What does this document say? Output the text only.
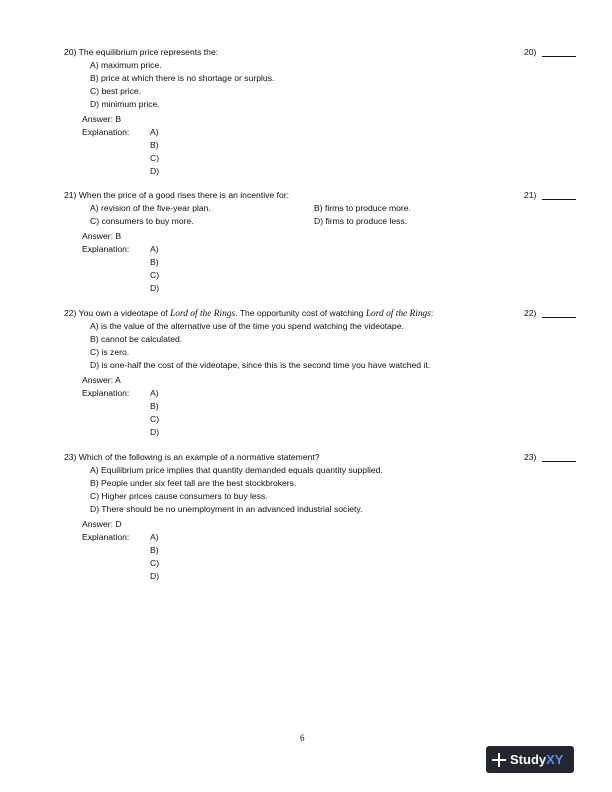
20) The equilibrium price represents the:	20)
A) maximum price.
B) price at which there is no shortage or surplus.
C) best price.
D) minimum price.
Answer: B
Explanation: A)
B)
C)
D)
21) When the price of a good rises there is an incentive for:	21)
A) revision of the five-year plan.	B) firms to produce more.
C) consumers to buy more.	D) firms to produce less.
Answer: B
Explanation: A)
B)
C)
D)
22) You own a videotape of Lord of the Rings. The opportunity cost of watching Lord of the Rings:	22)
A) is the value of the alternative use of the time you spend watching the videotape.
B) cannot be calculated.
C) is zero.
D) is one-half the cost of the videotape, since this is the second time you have watched it.
Answer: A
Explanation: A)
B)
C)
D)
23) Which of the following is an example of a normative statement?	23)
A) Equilibrium price implies that quantity demanded equals quantity supplied.
B) People under six feet tall are the best stockbrokers.
C) Higher prices cause consumers to buy less.
D) There should be no unemployment in an advanced industrial society.
Answer: D
Explanation: A)
B)
C)
D)
6
Study XY
